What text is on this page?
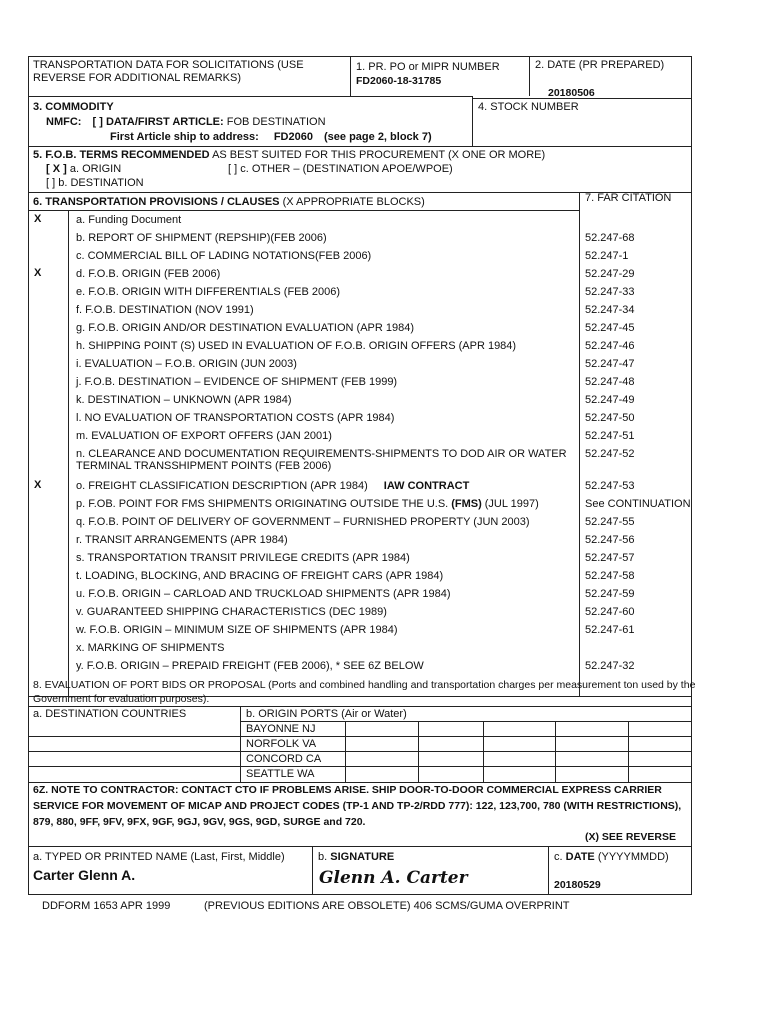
TRANSPORTATION DATA FOR SOLICITATIONS (USE
REVERSE FOR ADDITIONAL REMARKS)
1. PR. PO or MIPR NUMBER
FD2060-18-31785
2. DATE (PR PREPARED)
20180506
3. COMMODITY	4. STOCK NUMBER
NMFC: [ ] DATA/FIRST ARTICLE: FOB DESTINATION
First Article ship to address: FD2060 (see page 2, block 7)
5. F.O.B. TERMS RECOMMENDED AS BEST SUITED FOR THIS PROCUREMENT (X ONE OR MORE)
[ X ] a. ORIGIN	[ ] c. OTHER – (DESTINATION APOE/WPOE)
[ ] b. DESTINATION
6. TRANSPORTATION PROVISIONS / CLAUSES (X APPROPRIATE BLOCKS)	7. FAR CITATION
X	a. Funding Document
b. REPORT OF SHIPMENT (REPSHIP)(FEB 2006)	52.247-68
c. COMMERCIAL BILL OF LADING NOTATIONS(FEB 2006)	52.247-1
X	d. F.O.B. ORIGIN (FEB 2006)	52.247-29
e. F.O.B. ORIGIN WITH DIFFERENTIALS (FEB 2006)	52.247-33
f. F.O.B. DESTINATION (NOV 1991)	52.247-34
g. F.O.B. ORIGIN AND/OR DESTINATION EVALUATION (APR 1984)	52.247-45
h. SHIPPING POINT (S) USED IN EVALUATION OF F.O.B. ORIGIN OFFERS (APR 1984)	52.247-46
i. EVALUATION – F.O.B. ORIGIN (JUN 2003)	52.247-47
j. F.O.B. DESTINATION – EVIDENCE OF SHIPMENT (FEB 1999)	52.247-48
k. DESTINATION – UNKNOWN (APR 1984)	52.247-49
l. NO EVALUATION OF TRANSPORTATION COSTS (APR 1984)	52.247-50
m. EVALUATION OF EXPORT OFFERS (JAN 2001)	52.247-51
n. CLEARANCE AND DOCUMENTATION REQUIREMENTS-SHIPMENTS TO DOD AIR OR WATER
TERMINAL TRANSSHIPMENT POINTS (FEB 2006)
52.247-52
X	o. FREIGHT CLASSIFICATION DESCRIPTION (APR 1984) IAW CONTRACT	52.247-53
p. F.OB. POINT FOR FMS SHIPMENTS ORIGINATING OUTSIDE THE U.S. (FMS) (JUL 1997)	See CONTINUATION
q. F.O.B. POINT OF DELIVERY OF GOVERNMENT – FURNISHED PROPERTY (JUN 2003)	52.247-55
r. TRANSIT ARRANGEMENTS (APR 1984)	52.247-56
s. TRANSPORTATION TRANSIT PRIVILEGE CREDITS (APR 1984)	52.247-57
t. LOADING, BLOCKING, AND BRACING OF FREIGHT CARS (APR 1984)	52.247-58
u. F.O.B. ORIGIN – CARLOAD AND TRUCKLOAD SHIPMENTS (APR 1984)	52.247-59
v. GUARANTEED SHIPPING CHARACTERISTICS (DEC 1989)	52.247-60
w. F.O.B. ORIGIN – MINIMUM SIZE OF SHIPMENTS (APR 1984)	52.247-61
x. MARKING OF SHIPMENTS
y. F.O.B. ORIGIN – PREPAID FREIGHT (FEB 2006), * SEE 6Z BELOW	52.247-32
8. EVALUATION OF PORT BIDS OR PROPOSAL (Ports and combined handling and transportation charges per measurement ton used by the
Government for evaluation purposes).
a. DESTINATION COUNTRIES	b. ORIGIN PORTS (Air or Water)
BAYONNE NJ
NORFOLK VA
CONCORD CA
SEATTLE WA
6Z. NOTE TO CONTRACTOR: CONTACT CTO IF PROBLEMS ARISE. SHIP DOOR-TO-DOOR COMMERCIAL EXPRESS CARRIER
SERVICE FOR MOVEMENT OF MICAP AND PROJECT CODES (TP-1 AND TP-2/RDD 777): 122, 123,700, 780 (WITH RESTRICTIONS),
879, 880, 9FF, 9FV, 9FX, 9GF, 9GJ, 9GV, 9GS, 9GD, SURGE and 720.
(X) SEE REVERSE
a. TYPED OR PRINTED NAME (Last, First, Middle)
Carter Glenn A.
b. SIGNATURE
Glenn A. Carter
c. DATE (YYYYMMDD)
20180529
DDFORM 1653 APR 1999	(PREVIOUS EDITIONS ARE OBSOLETE) 406 SCMS/GUMA OVERPRINT
